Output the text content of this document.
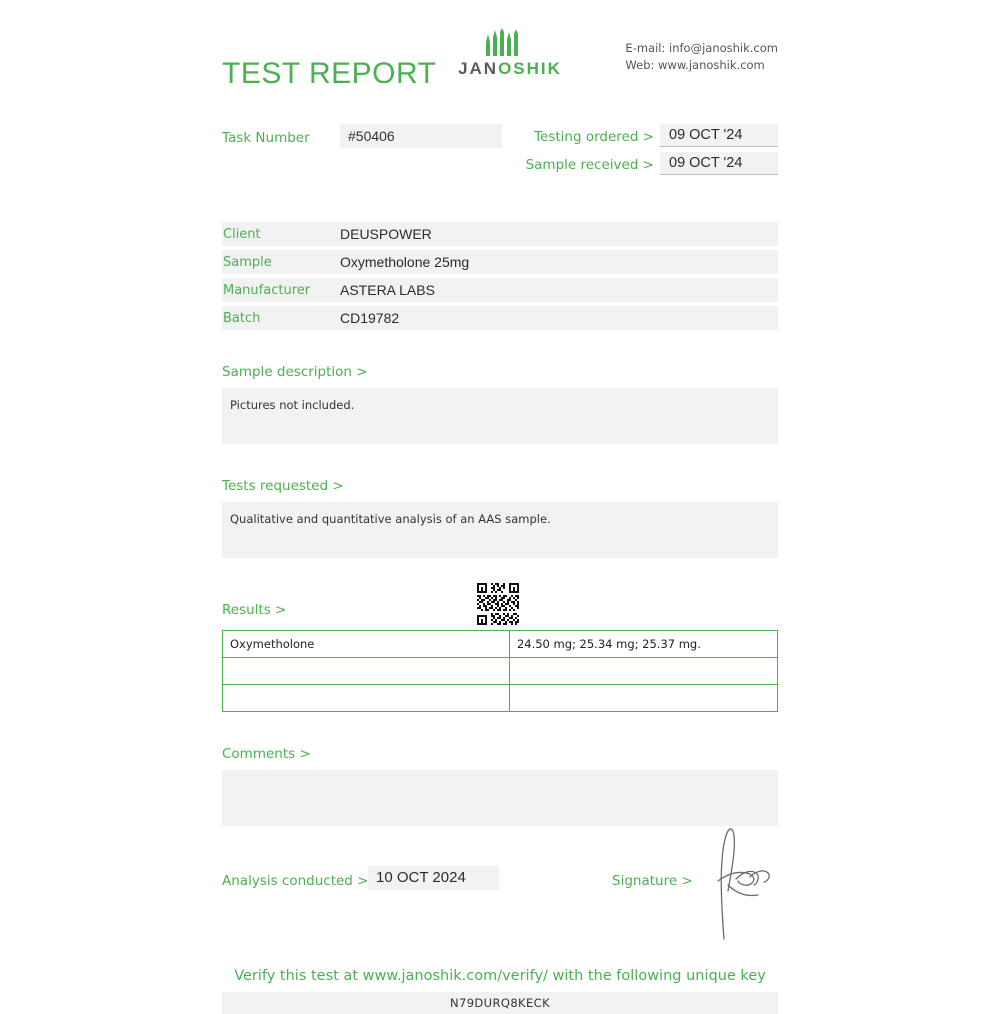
TEST REPORT	JANOSHIK
E-mail: info@janoshik.com
Web: www.janoshik.com
Task Number	#50406	Testing ordered >	09 OCT '24
Sample received >	09 OCT '24
Client	DEUSPOWER
Sample	Oxymetholone 25mg
Manufacturer	ASTERA LABS
Batch	CD19782
Sample description >
Pictures not included.
Tests requested >
Qualitative and quantitative analysis of an AAS sample.
Results >
Oxymetholone	24.50 mg; 25.34 mg; 25.37 mg.

Comments >
Analysis conducted > 10 OCT 2024	Signature >
Verify this test at www.janoshik.com/verify/ with the following unique key
N79DURQ8KECK
